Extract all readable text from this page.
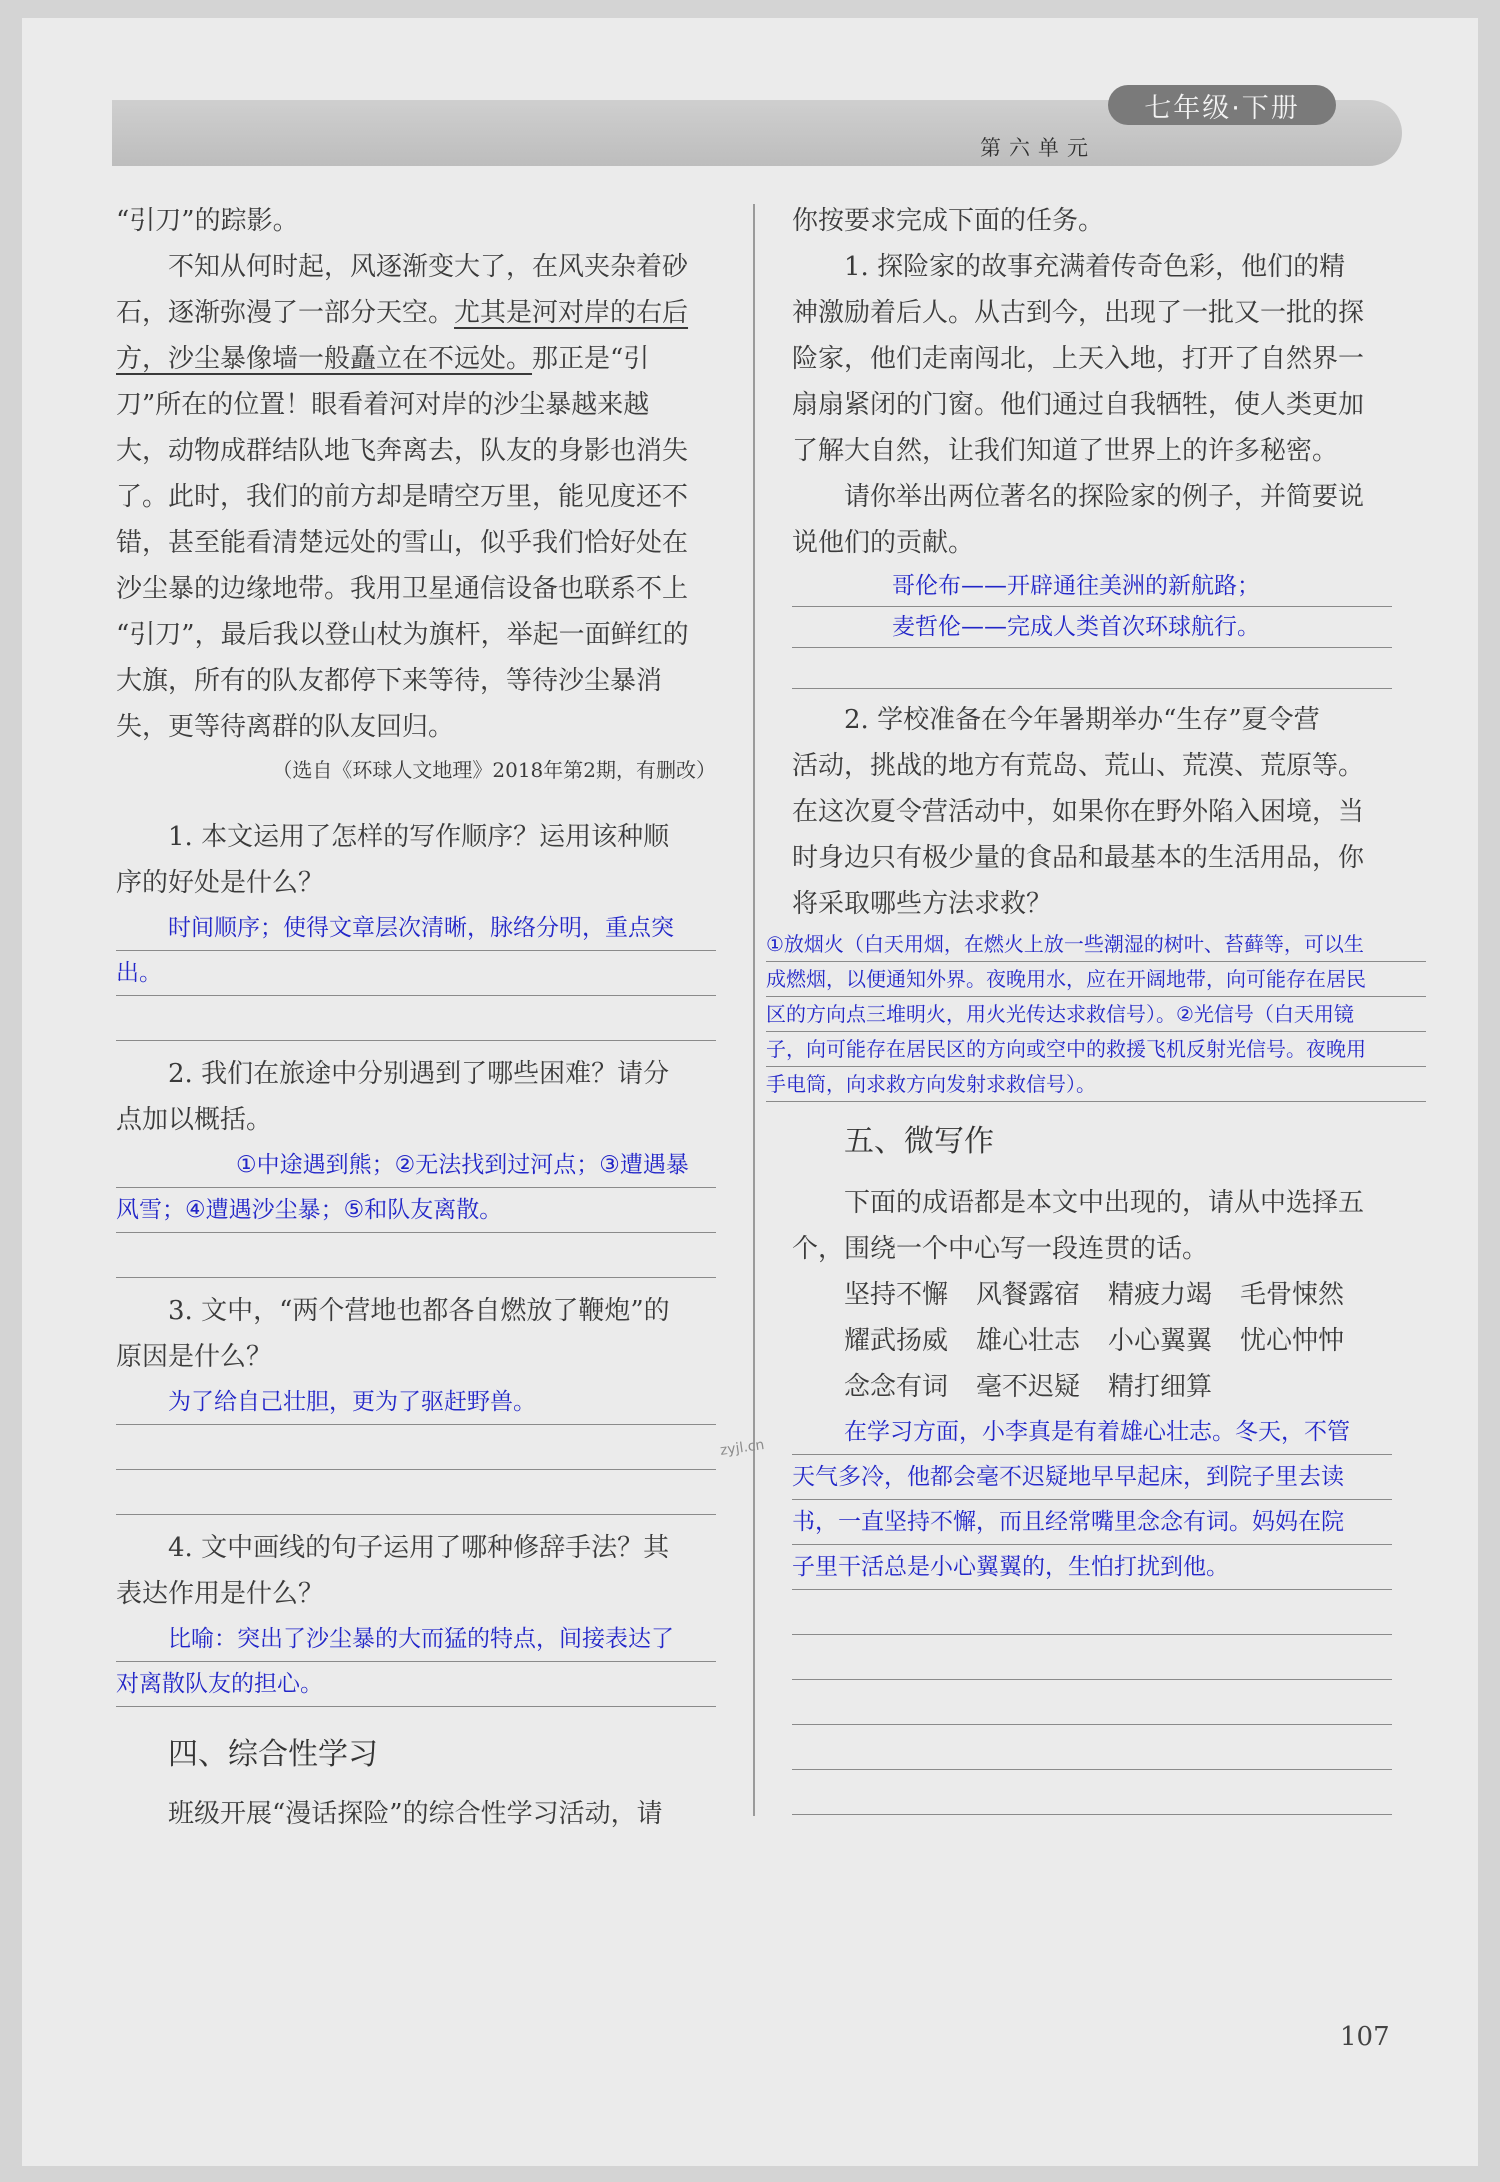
七年级·下册
第六单元

“引刀”的踪影。

不知从何时起，风逐渐变大了，在风夹杂着砂

石，逐渐弥漫了一部分天空。尤其是河对岸的右后

方，沙尘暴像墙一般矗立在不远处。那正是“引

刀”所在的位置！眼看着河对岸的沙尘暴越来越

大，动物成群结队地飞奔离去，队友的身影也消失

了。此时，我们的前方却是晴空万里，能见度还不

错，甚至能看清楚远处的雪山，似乎我们恰好处在

沙尘暴的边缘地带。我用卫星通信设备也联系不上

“引刀”，最后我以登山杖为旗杆，举起一面鲜红的

大旗，所有的队友都停下来等待，等待沙尘暴消

失，更等待离群的队友回归。

（选自《环球人文地理》2018年第2期，有删改）

1. 本文运用了怎样的写作顺序？运用该种顺

序的好处是什么？

时间顺序；使得文章层次清晰，脉络分明，重点突

出。

2. 我们在旅途中分别遇到了哪些困难？请分

点加以概括。

①中途遇到熊；②无法找到过河点；③遭遇暴

风雪；④遭遇沙尘暴；⑤和队友离散。

3. 文中，“两个营地也都各自燃放了鞭炮”的

原因是什么？

为了给自己壮胆，更为了驱赶野兽。

4. 文中画线的句子运用了哪种修辞手法？其

表达作用是什么？

比喻：突出了沙尘暴的大而猛的特点，间接表达了

对离散队友的担心。

四、综合性学习

班级开展“漫话探险”的综合性学习活动，请

你按要求完成下面的任务。

1. 探险家的故事充满着传奇色彩，他们的精

神激励着后人。从古到今，出现了一批又一批的探

险家，他们走南闯北，上天入地，打开了自然界一

扇扇紧闭的门窗。他们通过自我牺牲，使人类更加

了解大自然，让我们知道了世界上的许多秘密。

请你举出两位著名的探险家的例子，并简要说

说他们的贡献。

哥伦布——开辟通往美洲的新航路；

麦哲伦——完成人类首次环球航行。

2. 学校准备在今年暑期举办“生存”夏令营

活动，挑战的地方有荒岛、荒山、荒漠、荒原等。

在这次夏令营活动中，如果你在野外陷入困境，当

时身边只有极少量的食品和最基本的生活用品，你

将采取哪些方法求救？

①放烟火（白天用烟，在燃火上放一些潮湿的树叶、苔藓等，可以生

成燃烟，以便通知外界。夜晚用水，应在开阔地带，向可能存在居民

区的方向点三堆明火，用火光传达求救信号）。②光信号（白天用镜

子，向可能存在居民区的方向或空中的救援飞机反射光信号。夜晚用

手电筒，向求救方向发射求救信号）。

五、微写作

下面的成语都是本文中出现的，请从中选择五

个，围绕一个中心写一段连贯的话。

坚持不懈 风餐露宿 精疲力竭 毛骨悚然

耀武扬威 雄心壮志 小心翼翼 忧心忡忡

念念有词 毫不迟疑 精打细算

在学习方面，小李真是有着雄心壮志。冬天，不管

天气多冷，他都会毫不迟疑地早早起床，到院子里去读

书，一直坚持不懈，而且经常嘴里念念有词。妈妈在院

子里干活总是小心翼翼的，生怕打扰到他。

zyjl.cn
107
